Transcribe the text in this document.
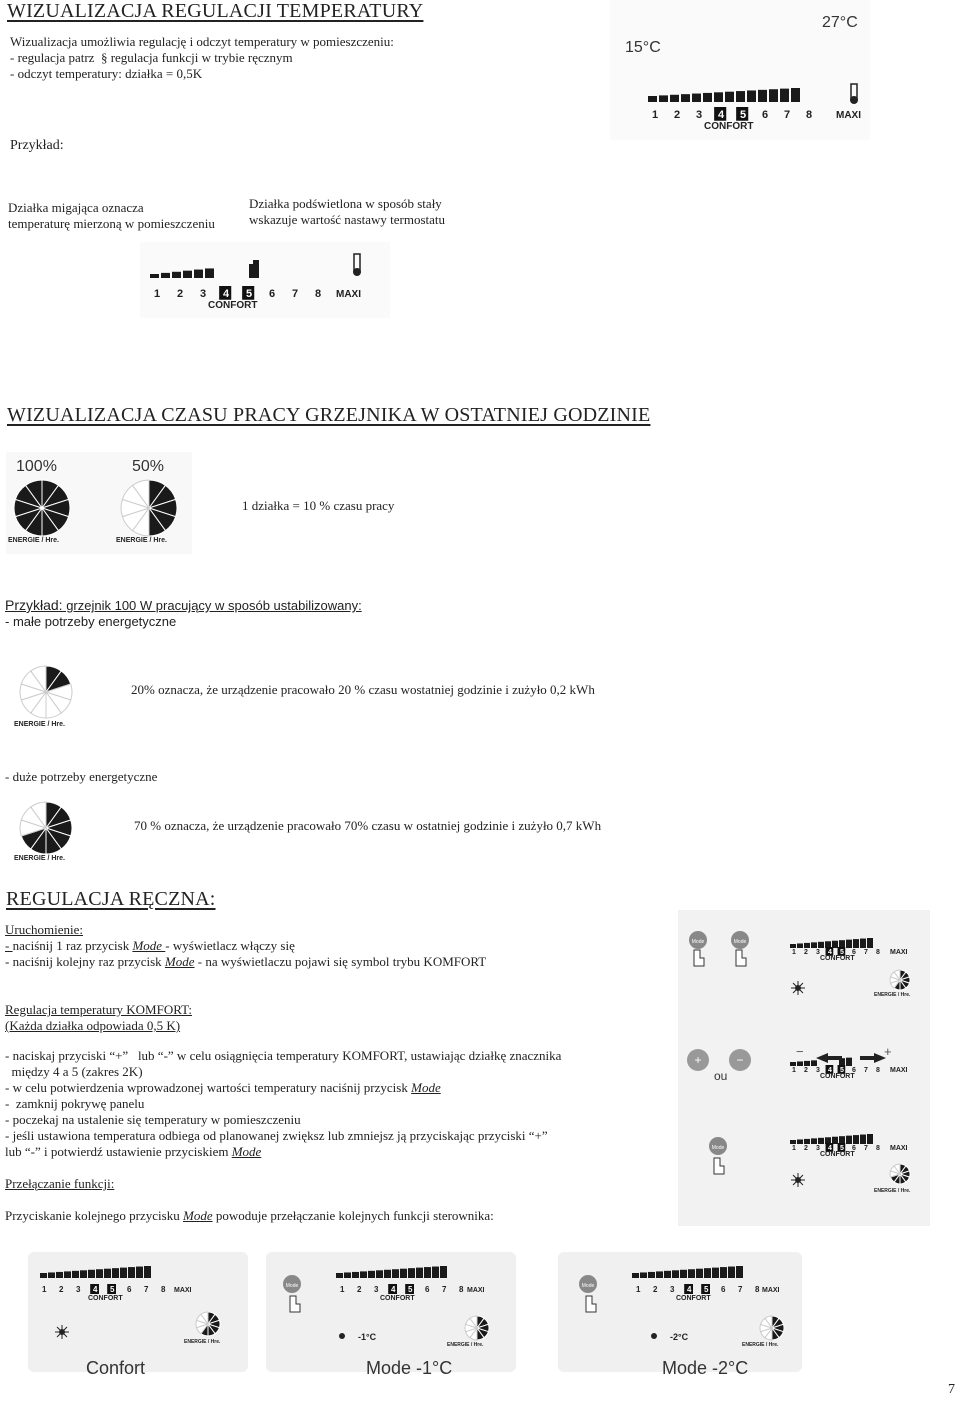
WIZUALIZACJA REGULACJI TEMPERATURY
Wizualizacja umożliwia regulację i odczyt temperatury w pomieszczeniu:
- regulacja patrz  § regulacja funkcji w trybie ręcznym
- odczyt temperatury: działka = 0,5K
15°C
27°C
1 2 3 4 5 6 7 8 MAXI
CONFORT
Przykład:
Działka migająca oznacza
temperaturę mierzoną w pomieszczeniu
Działka podświetlona w sposób stały
wskazuje wartość nastawy termostatu
1 2 3 4 5 6 7 8 MAXI
CONFORT
WIZUALIZACJA CZASU PRACY GRZEJNIKA W OSTATNIEJ GODZINIE
100%	50%
ENERGIE / Hre.	ENERGIE / Hre.
1 działka = 10 % czasu pracy
Przykład: grzejnik 100 W pracujący w sposób ustabilizowany:
- małe potrzeby energetyczne
ENERGIE / Hre.
20% oznacza, że urządzenie pracowało 20 % czasu wostatniej godzinie i zużyło 0,2 kWh
- duże potrzeby energetyczne
ENERGIE / Hre.
70 % oznacza, że urządzenie pracowało 70% czasu w ostatniej godzinie i zużyło 0,7 kWh
REGULACJA RĘCZNA:
Uruchomienie:
- naciśnij 1 raz przycisk Mode - wyświetlacz włączy się
- naciśnij kolejny raz przycisk Mode - na wyświetlaczu pojawi się symbol trybu KOMFORT
Regulacja temperatury KOMFORT:
(Każda działka odpowiada 0,5 K)
- naciskaj przyciski “+”   lub “-” w celu osiągnięcia temperatury KOMFORT, ustawiając działkę znacznika
między 4 a 5 (zakres 2K)
- w celu potwierdzenia wprowadzonej wartości temperatury naciśnij przycisk Mode
-  zamknij pokrywę panelu
- poczekaj na ustalenie się temperatury w pomieszczeniu
- jeśli ustawiona temperatura odbiega od planowanej zwiększ lub zmniejsz ją przyciskając przyciski “+”
lub “-” i potwierdź ustawienie przyciskiem Mode
Przełączanie funkcji:
Przyciskanie kolejnego przycisku Mode powoduje przełączanie kolejnych funkcji sterownika:
Mode	Mode
1 2 3 4 5 6 7 8 MAXI
CONFORT
ENERGIE / Hre.
+	−
ou
−	+
1 2 3 4 5 6 7 8 MAXI
CONFORT
Mode	1 2 3 4 5 6 7 8 MAXI
CONFORT
ENERGIE / Hre.
1 2 3 4 5 6 7 8 MAXI
CONFORT
ENERGIE / Hre.
Mode	1 2 3 4 5 6 7 8 MAXI
CONFORT
-1°C
ENERGIE / Hre.
Mode	1 2 3 4 5 6 7 8 MAXI
CONFORT
-2°C
ENERGIE / Hre.
Confort	Mode -1°C	Mode -2°C
7
